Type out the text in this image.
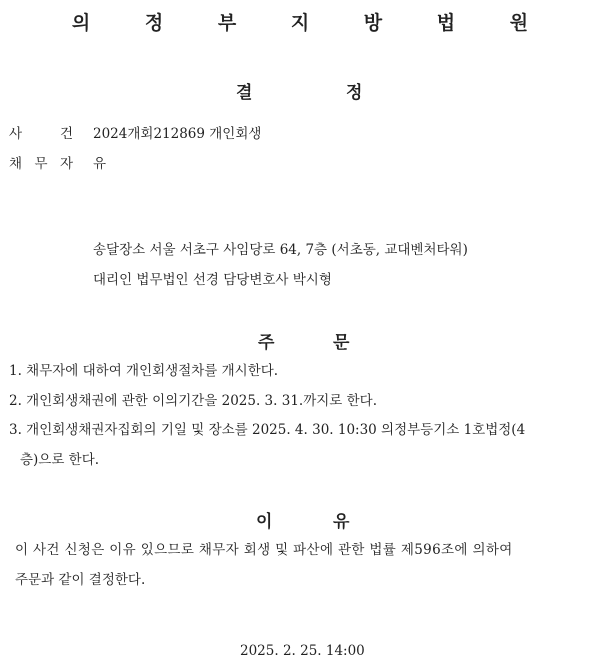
의 정 부 지 방 법 원
결	정
사	건 2024개회212869 개인회생
채 무 자 유
송달장소 서울 서초구 사임당로 64, 7층 (서초동, 교대벤처타워)
대리인 법무법인 선경 담당변호사 박시형
주	문
1. 채무자에 대하여 개인회생절차를 개시한다.
2. 개인회생채권에 관한 이의기간을 2025. 3. 31.까지로 한다.
3. 개인회생채권자집회의 기일 및 장소를 2025. 4. 30. 10:30 의정부등기소 1호법정(4
층)으로 한다.
이	유
이 사건 신청은 이유 있으므로 채무자 회생 및 파산에 관한 법률 제596조에 의하여
주문과 같이 결정한다.
2025. 2. 25. 14:00
